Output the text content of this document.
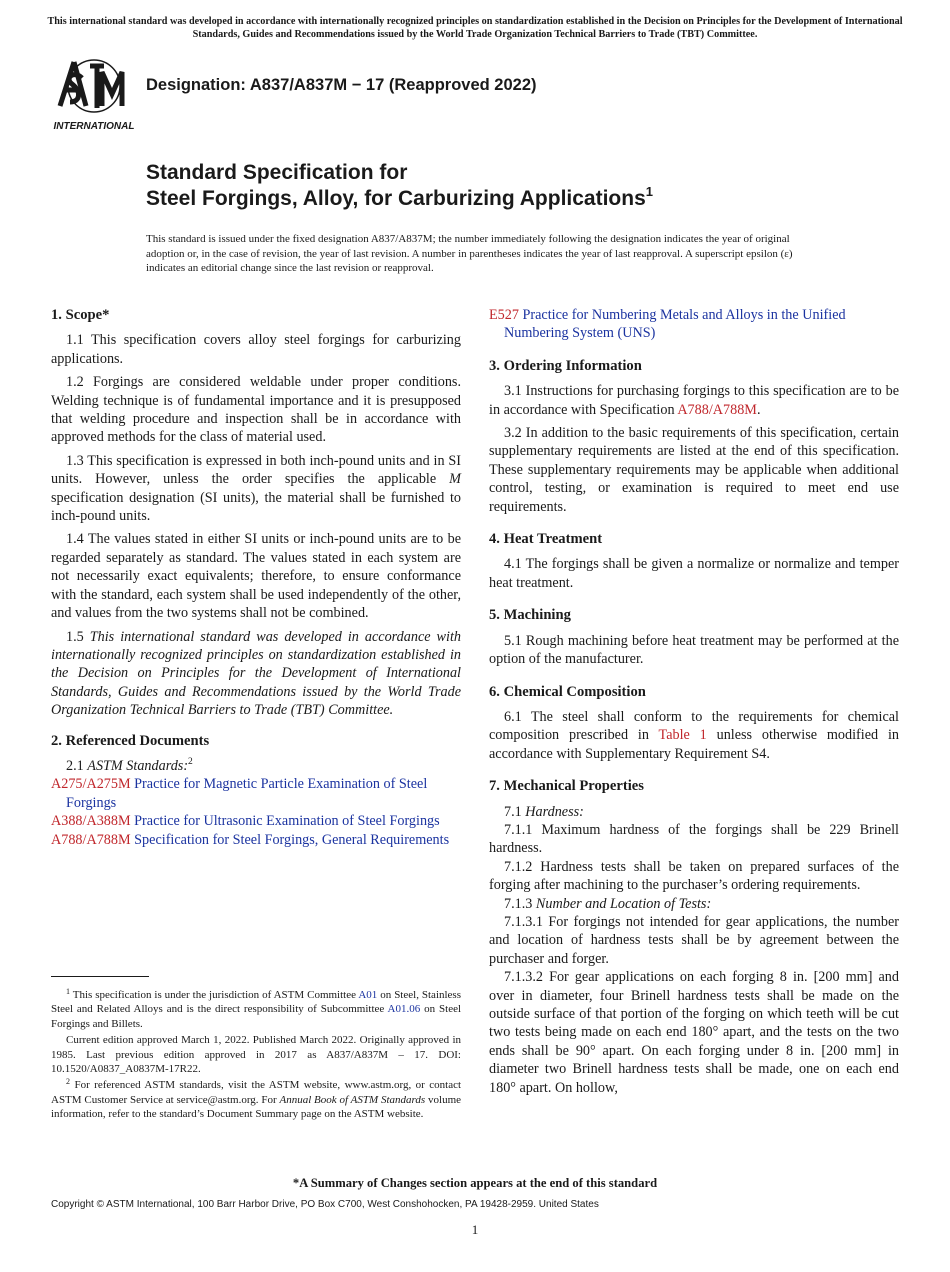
This international standard was developed in accordance with internationally recognized principles on standardization established in the Decision on Principles for the Development of International Standards, Guides and Recommendations issued by the World Trade Organization Technical Barriers to Trade (TBT) Committee.
INTERNATIONAL
Designation: A837/A837M − 17 (Reapproved 2022)
Standard Specification for
Steel Forgings, Alloy, for Carburizing Applications$^1$
This standard is issued under the fixed designation A837/A837M; the number immediately following the designation indicates the year of original adoption or, in the case of revision, the year of last revision. A number in parentheses indicates the year of last reapproval. A superscript epsilon (ε) indicates an editorial change since the last revision or reapproval.
1. Scope*

1.1 This specification covers alloy steel forgings for carburizing applications.

1.2 Forgings are considered weldable under proper conditions. Welding technique is of fundamental importance and it is presupposed that welding procedure and inspection shall be in accordance with approved methods for the class of material used.

1.3 This specification is expressed in both inch-pound units and in SI units. However, unless the order specifies the applicable M specification designation (SI units), the material shall be furnished to inch-pound units.

1.4 The values stated in either SI units or inch-pound units are to be regarded separately as standard. The values stated in each system are not necessarily exact equivalents; therefore, to ensure conformance with the standard, each system shall be used independently of the other, and values from the two systems shall not be combined.

1.5 This international standard was developed in accordance with internationally recognized principles on standardization established in the Decision on Principles for the Development of International Standards, Guides and Recommendations issued by the World Trade Organization Technical Barriers to Trade (TBT) Committee.

2. Referenced Documents

2.1 ASTM Standards:$^2$

A275/A275M Practice for Magnetic Particle Examination of Steel Forgings

A388/A388M Practice for Ultrasonic Examination of Steel Forgings

A788/A788M Specification for Steel Forgings, General Requirements

E527 Practice for Numbering Metals and Alloys in the Unified Numbering System (UNS)

3. Ordering Information

3.1 Instructions for purchasing forgings to this specification are to be in accordance with Specification A788/A788M.

3.2 In addition to the basic requirements of this specification, certain supplementary requirements are listed at the end of this specification. These supplementary requirements may be applicable when additional control, testing, or examination is required to meet end use requirements.

4. Heat Treatment

4.1 The forgings shall be given a normalize or normalize and temper heat treatment.

5. Machining

5.1 Rough machining before heat treatment may be performed at the option of the manufacturer.

6. Chemical Composition

6.1 The steel shall conform to the requirements for chemical composition prescribed in Table 1 unless otherwise modified in accordance with Supplementary Requirement S4.

7. Mechanical Properties

7.1 Hardness:

7.1.1 Maximum hardness of the forgings shall be 229 Brinell hardness.

7.1.2 Hardness tests shall be taken on prepared surfaces of the forging after machining to the purchaser’s ordering requirements.

7.1.3 Number and Location of Tests:

7.1.3.1 For forgings not intended for gear applications, the number and location of hardness tests shall be by agreement between the purchaser and forger.

7.1.3.2 For gear applications on each forging 8 in. [200 mm] and over in diameter, four Brinell hardness tests shall be made on the outside surface of that portion of the forging on which teeth will be cut two tests being made on each end 180° apart, and the tests on the two ends shall be 90° apart. On each forging under 8 in. [200 mm] in diameter two Brinell hardness tests shall be made, one on each end 180° apart. On hollow,

$^1$ This specification is under the jurisdiction of ASTM Committee A01 on Steel, Stainless Steel and Related Alloys and is the direct responsibility of Subcommittee A01.06 on Steel Forgings and Billets.

Current edition approved March 1, 2022. Published March 2022. Originally approved in 1985. Last previous edition approved in 2017 as A837/A837M – 17. DOI: 10.1520/A0837_A0837M-17R22.

$^2$ For referenced ASTM standards, visit the ASTM website, www.astm.org, or contact ASTM Customer Service at service@astm.org. For Annual Book of ASTM Standards volume information, refer to the standard’s Document Summary page on the ASTM website.

*A Summary of Changes section appears at the end of this standard
Copyright © ASTM International, 100 Barr Harbor Drive, PO Box C700, West Conshohocken, PA 19428-2959. United States
1
